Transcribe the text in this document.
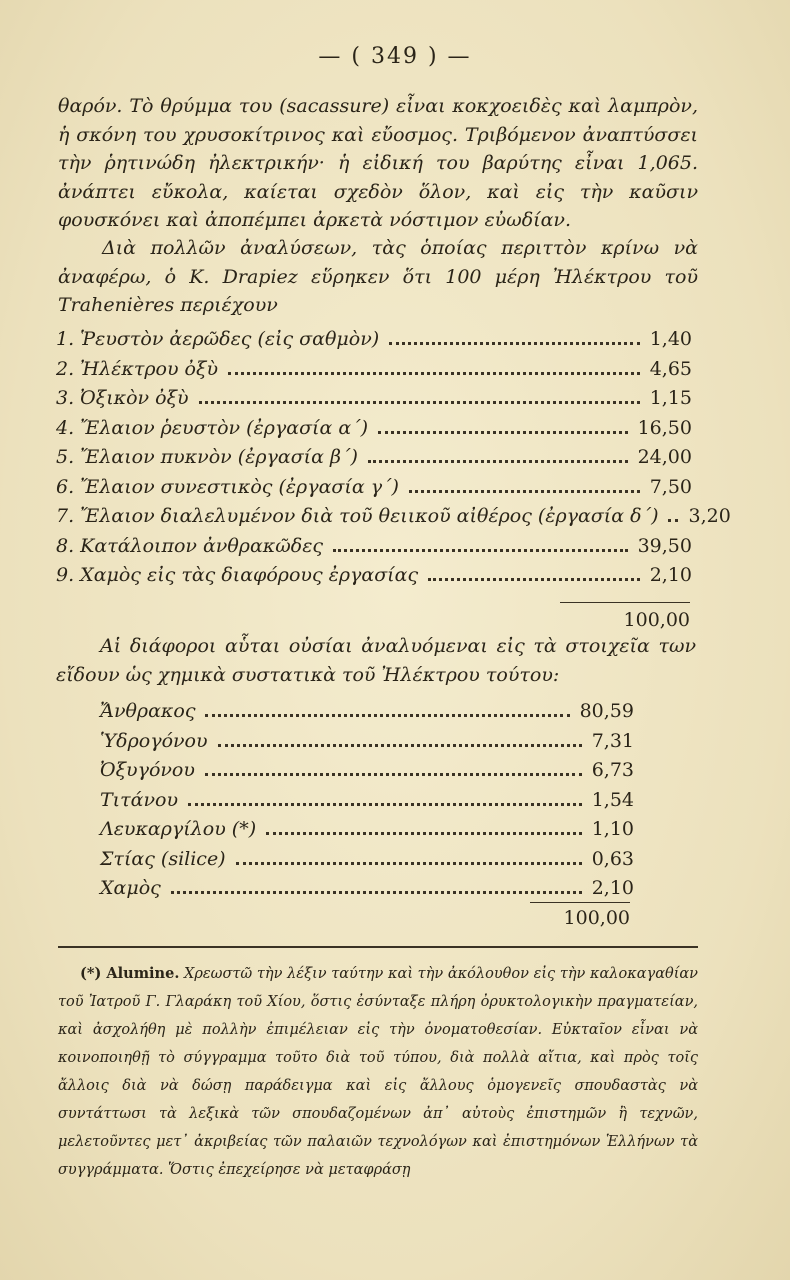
— ( 349 ) —
θαρόν. Τὸ θρύμμα του (sacassure) εἶναι κοκχοειδὲς καὶ λαμπρὸν, ἡ σκόνη του χρυσοκίτρινος καὶ εὔοσμος. Τριβόμενον ἀναπτύσσει τὴν ῥητινώδη ἠλεκτρικήν· ἡ εἰδική του βαρύτης εἶναι 1,065. ἀνάπτει εὔκολα, καίεται σχεδὸν ὅλον, καὶ εἰς τὴν καῦσιν φουσκόνει καὶ ἀποπέμπει ἀρκετὰ νόστιμον εὐωδίαν.
Διὰ πολλῶν ἀναλύσεων, τὰς ὁποίας περιττὸν κρίνω νὰ ἀναφέρω, ὁ Κ. Drapiez εὕρηκεν ὅτι 100 μέρη Ἠλέκτρου τοῦ Trahenières περιέχουν
1. Ῥευστὸν ἀερῶδες (εἰς σαθμὸν)	1,40
2. Ἠλέκτρου ὀξὺ	4,65
3. Ὀξικὸν ὀξὺ	1,15
4. Ἔλαιον ῥευστὸν (ἐργασία α΄)	16,50
5. Ἔλαιον πυκνὸν (ἐργασία β΄)	24,00
6. Ἔλαιον συνεστικὸς (ἐργασία γ΄)	7,50
7. Ἔλαιον διαλελυμένον διὰ τοῦ θειικοῦ αἰθέρος (ἐργασία δ΄) 3,20
8. Κατάλοιπον ἀνθρακῶδες	39,50
9. Χαμὸς εἰς τὰς διαφόρους ἐργασίας	2,10
100,00
Αἱ διάφοροι αὗται οὐσίαι ἀναλυόμεναι εἰς τὰ στοιχεῖα των εἴδουν ὡς χημικὰ συστατικὰ τοῦ Ἠλέκτρου τούτου:
Ἄνθρακος	80,59
Ὑδρογόνου	7,31
Ὀξυγόνου	6,73
Τιτάνου	1,54
Λευκαργίλου (*)	1,10
Στίας (silice)	0,63
Χαμὸς	2,10
100,00
(*) Alumine. Χρεωστῶ τὴν λέξιν ταύτην καὶ τὴν ἀκόλουθον εἰς τὴν καλοκαγαθίαν τοῦ Ἰατροῦ Γ. Γλαράκη τοῦ Χίου, ὅστις ἐσύνταξε πλήρη ὀρυκτολογικὴν πραγματείαν, καὶ ἀσχολήθη μὲ πολλὴν ἐπιμέλειαν εἰς τὴν ὀνοματοθεσίαν. Εὐκταῖον εἶναι νὰ κοινοποιηθῇ τὸ σύγγραμμα τοῦτο διὰ τοῦ τύπου, διὰ πολλὰ αἴτια, καὶ πρὸς τοῖς ἄλλοις διὰ νὰ δώσῃ παράδειγμα καὶ εἰς ἄλλους ὁμογενεῖς σπουδαστὰς νὰ συντάττωσι τὰ λεξικὰ τῶν σπουδαζομένων ἀπ᾽ αὐτοὺς ἐπιστημῶν ἢ τεχνῶν, μελετοῦντες μετ᾽ ἀκριβείας τῶν παλαιῶν τεχνολόγων καὶ ἐπιστημόνων Ἑλλήνων τὰ συγγράμματα. Ὅστις ἐπεχείρησε νὰ μεταφράσῃ
